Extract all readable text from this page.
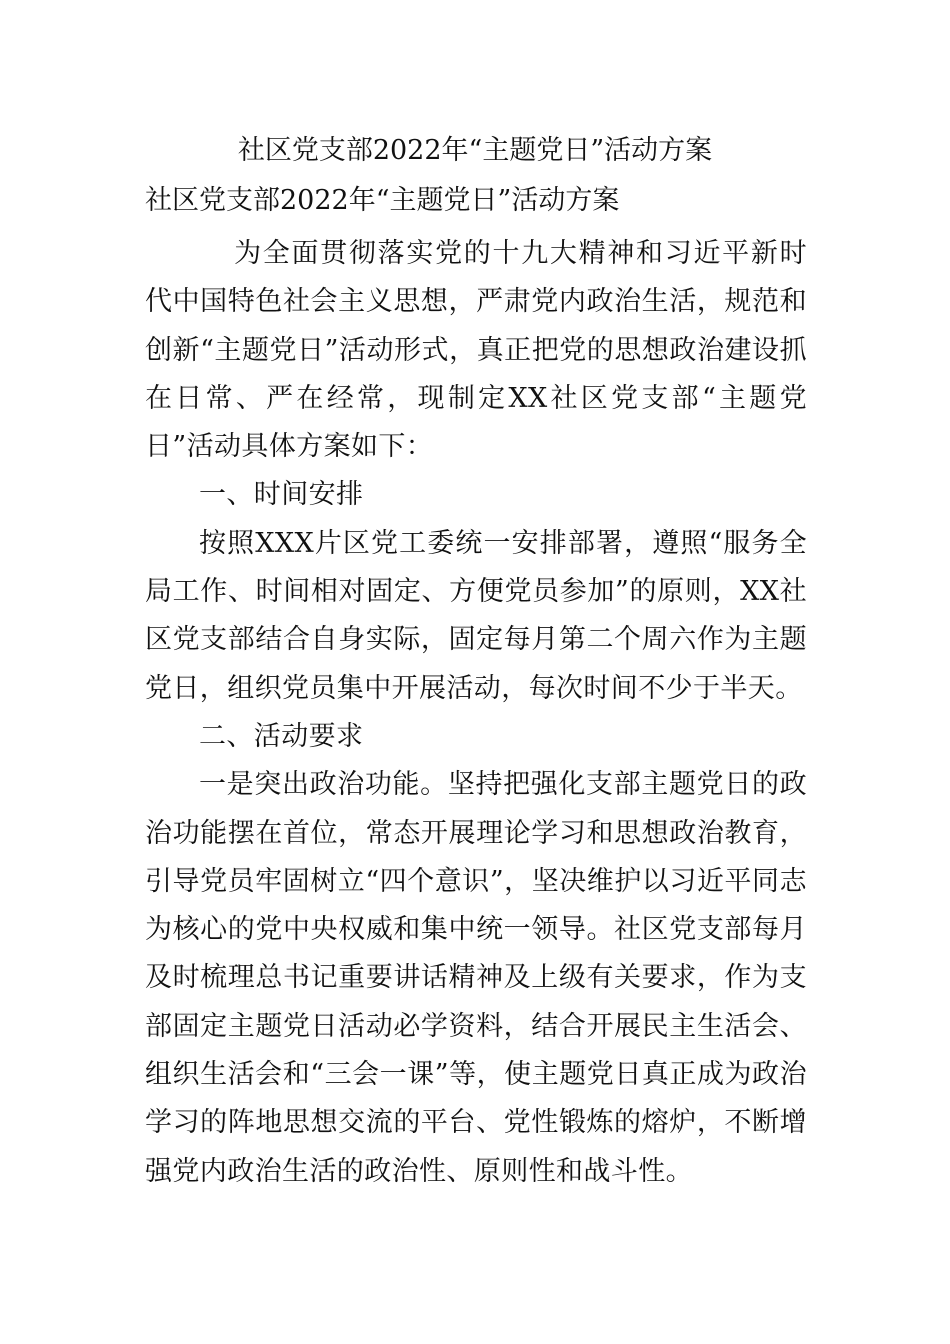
社区党支部2022年“主题党日”活动方案
社区党支部2022年“主题党日”活动方案

为全面贯彻落实党的十九大精神和习近平新时代中国特色社会主义思想，严肃党内政治生活，规范和创新“主题党日”活动形式，真正把党的思想政治建设抓在日常、严在经常，现制定XX社区党支部“主题党日”活动具体方案如下：

一、时间安排

按照XXX片区党工委统一安排部署，遵照“服务全局工作、时间相对固定、方便党员参加”的原则，XX社区党支部结合自身实际，固定每月第二个周六作为主题党日，组织党员集中开展活动，每次时间不少于半天。

二、活动要求

一是突出政治功能。坚持把强化支部主题党日的政治功能摆在首位，常态开展理论学习和思想政治教育，引导党员牢固树立“四个意识”，坚决维护以习近平同志为核心的党中央权威和集中统一领导。社区党支部每月及时梳理总书记重要讲话精神及上级有关要求，作为支部固定主题党日活动必学资料，结合开展民主生活会、组织生活会和“三会一课”等，使主题党日真正成为政治学习的阵地思想交流的平台、党性锻炼的熔炉，不断增强党内政治生活的政治性、原则性和战斗性。
